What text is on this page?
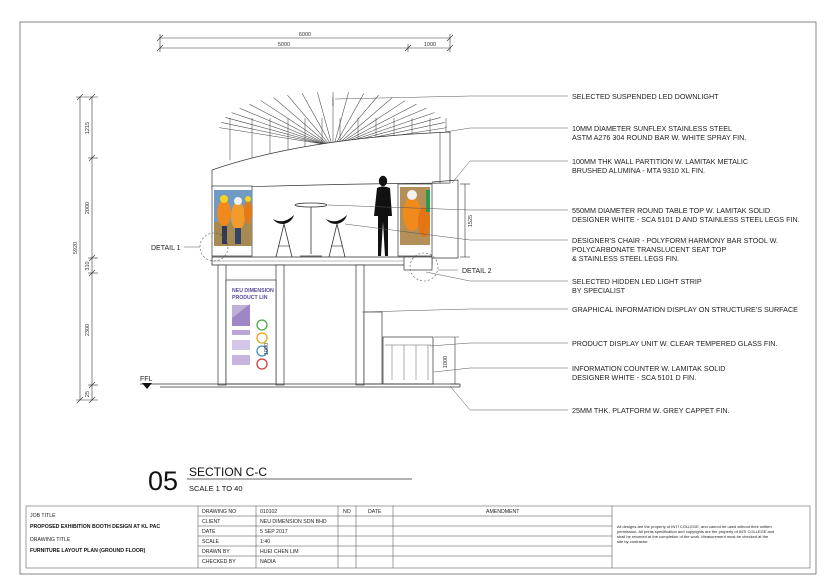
6000
5000	1000
1215
2000
5920
310
2300
25
DETAIL 1
DETAIL 2
1525
NEU DIMENSION
PRODUCT LIN
1000
1000
FFL
SELECTED SUSPENDED LED DOWNLIGHT
10MM DIAMETER SUNFLEX STAINLESS STEEL
ASTM A276 304 ROUND BAR W. WHITE SPRAY FIN.
100MM THK WALL PARTITION W. LAMITAK METALIC
BRUSHED ALUMINA - MTA 9310 XL FIN.
550MM DIAMETER ROUND TABLE TOP W. LAMITAK SOLID
DESIGNER WHITE - SCA 5101 D AND STAINLESS STEEL LEGS FIN.
DESIGNER'S CHAIR - POLYFORM HARMONY BAR STOOL W.
POLYCARBONATE TRANSLUCENT SEAT TOP
& STAINLESS STEEL LEGS FIN.
SELECTED HIDDEN LED LIGHT STRIP
BY SPECIALIST
GRAPHICAL INFORMATION DISPLAY ON STRUCTURE'S SURFACE
PRODUCT DISPLAY UNIT W. CLEAR TEMPERED GLASS FIN.
INFORMATION COUNTER W. LAMITAK SOLID
DESIGNER WHITE - SCA 5101 D FIN.
25MM THK. PLATFORM W. GREY CAPPET FIN.
05 SECTION C-C
SCALE 1 TO 40
JOB TITLE
PROPOSED EXHIBITION BOOTH DESIGN AT KL PAC
DRAWING TITLE
FURNITURE LAYOUT PLAN (GROUND FLOOR)
DRAWING NO	010102
CLIENT	NEU DIMENSION SDN BHD
DATE	5 SEP 2017
SCALE	1:40
DRAWN BY	HUEI CHEN LIM
CHECKED BY	NADIA
NO	DATE	AMENDMENT
All designs are the property of INTI COLLEGE, and cannot be used without their written
permission. All prints specification and copyrights are the property of INTI COLLEGE and
shall be returned at the completion of the work. Measurement must be checked at the
site by contractor.
